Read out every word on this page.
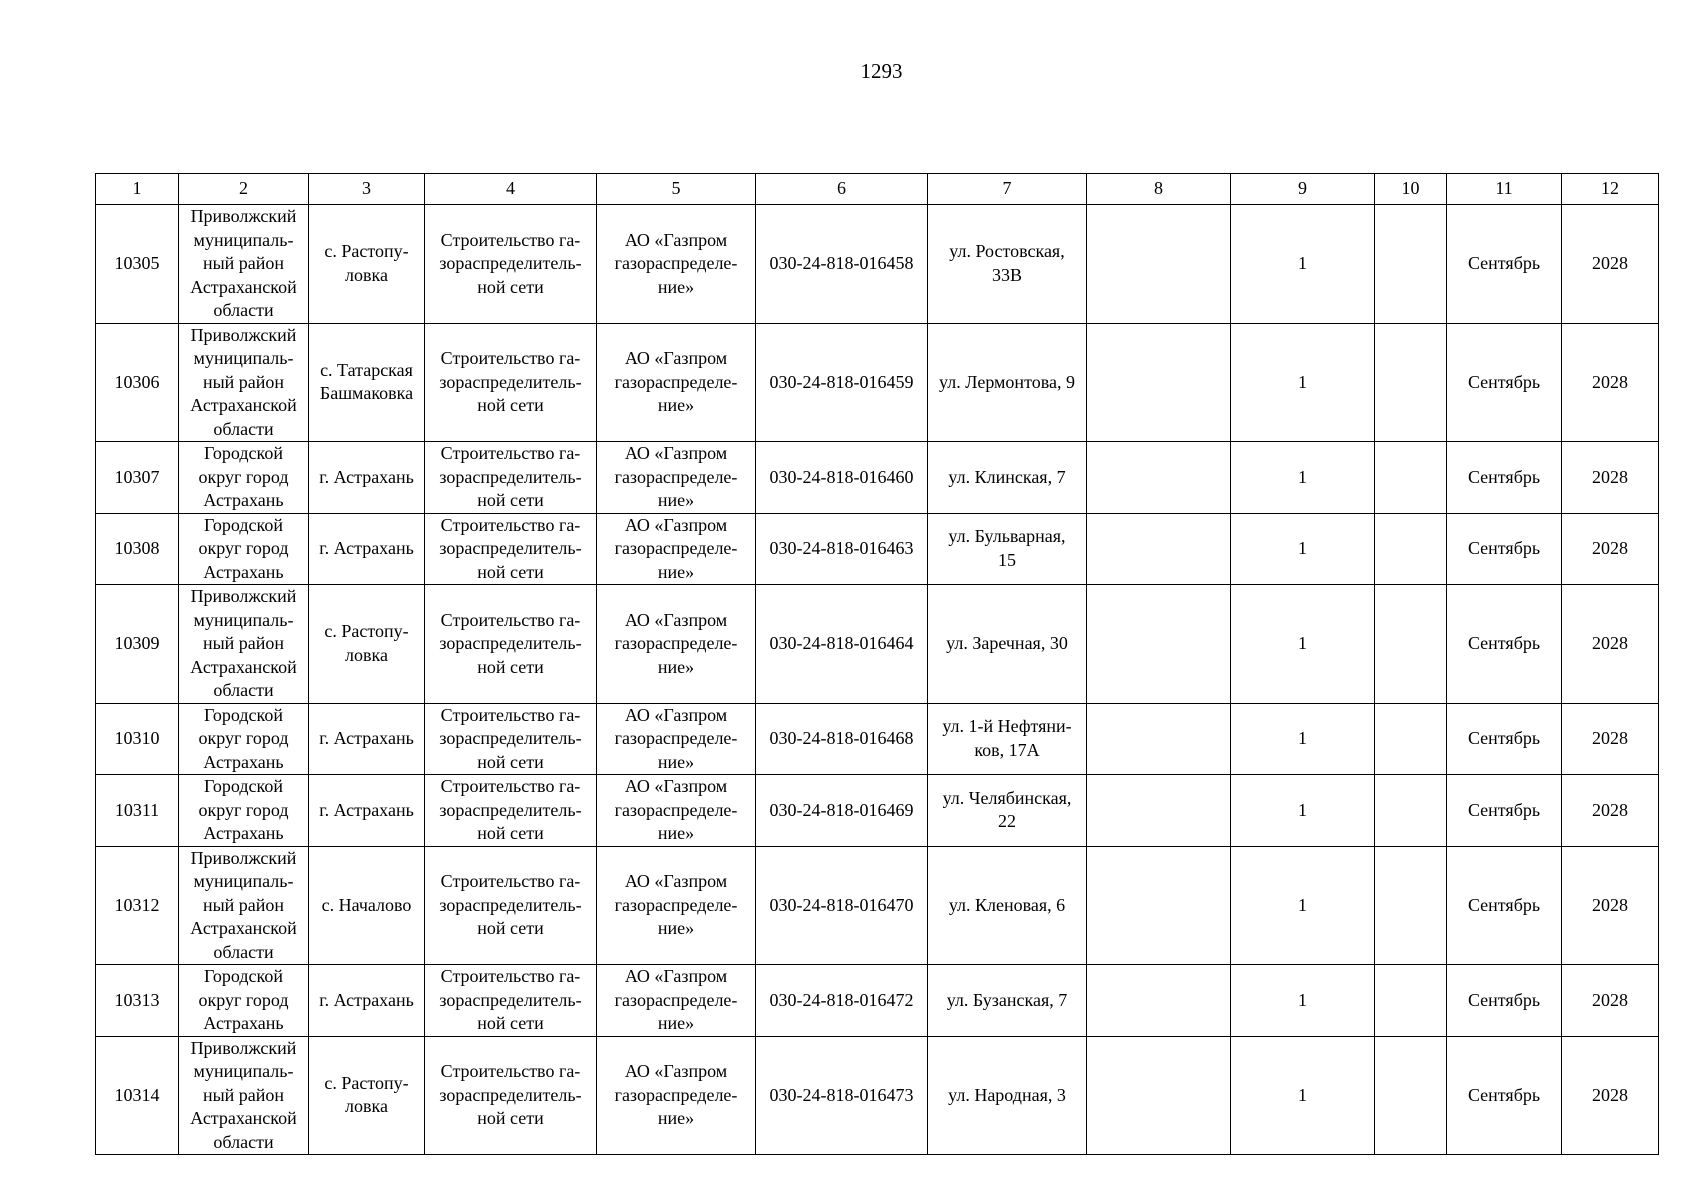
1293
1	2	3	4	5	6	7	8	9	10	11	12
10305	Приволжский
муниципаль-
ный район
Астраханской
области	с. Растопу-
ловка	Строительство га-
зораспределитель-
ной сети	АО «Газпром
газораспределе-
ние»	030-24-818-016458	ул. Ростовская,
33В		1		Сентябрь	2028
10306	Приволжский
муниципаль-
ный район
Астраханской
области	с. Татарская
Башмаковка	Строительство га-
зораспределитель-
ной сети	АО «Газпром
газораспределе-
ние»	030-24-818-016459	ул. Лермонтова, 9		1		Сентябрь	2028
10307	Городской
округ город
Астрахань	г. Астрахань	Строительство га-
зораспределитель-
ной сети	АО «Газпром
газораспределе-
ние»	030-24-818-016460	ул. Клинская, 7		1		Сентябрь	2028
10308	Городской
округ город
Астрахань	г. Астрахань	Строительство га-
зораспределитель-
ной сети	АО «Газпром
газораспределе-
ние»	030-24-818-016463	ул. Бульварная,
15		1		Сентябрь	2028
10309	Приволжский
муниципаль-
ный район
Астраханской
области	с. Растопу-
ловка	Строительство га-
зораспределитель-
ной сети	АО «Газпром
газораспределе-
ние»	030-24-818-016464	ул. Заречная, 30		1		Сентябрь	2028
10310	Городской
округ город
Астрахань	г. Астрахань	Строительство га-
зораспределитель-
ной сети	АО «Газпром
газораспределе-
ние»	030-24-818-016468	ул. 1-й Нефтяни-
ков, 17А		1		Сентябрь	2028
10311	Городской
округ город
Астрахань	г. Астрахань	Строительство га-
зораспределитель-
ной сети	АО «Газпром
газораспределе-
ние»	030-24-818-016469	ул. Челябинская,
22		1		Сентябрь	2028
10312	Приволжский
муниципаль-
ный район
Астраханской
области	с. Началово	Строительство га-
зораспределитель-
ной сети	АО «Газпром
газораспределе-
ние»	030-24-818-016470	ул. Кленовая, 6		1		Сентябрь	2028
10313	Городской
округ город
Астрахань	г. Астрахань	Строительство га-
зораспределитель-
ной сети	АО «Газпром
газораспределе-
ние»	030-24-818-016472	ул. Бузанская, 7		1		Сентябрь	2028
10314	Приволжский
муниципаль-
ный район
Астраханской
области	с. Растопу-
ловка	Строительство га-
зораспределитель-
ной сети	АО «Газпром
газораспределе-
ние»	030-24-818-016473	ул. Народная, 3		1		Сентябрь	2028
